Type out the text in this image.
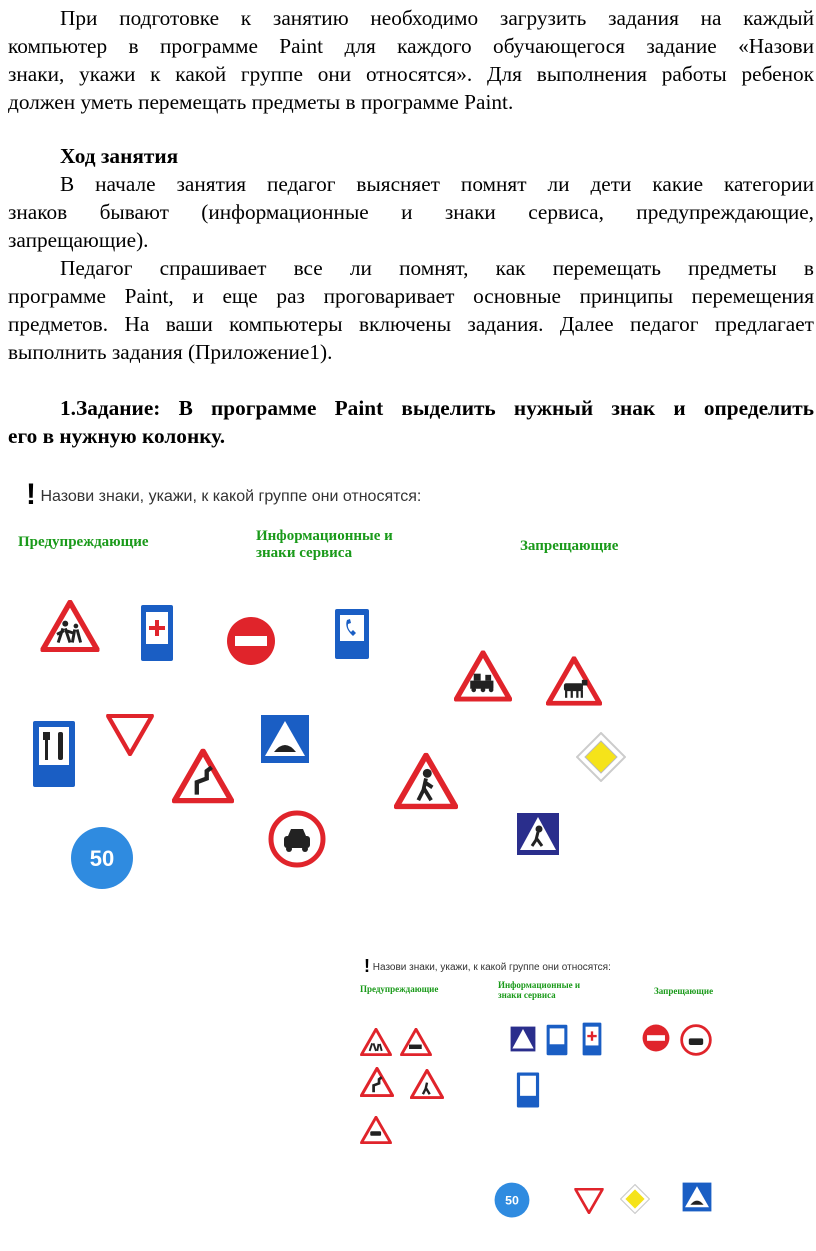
При подготовке к занятию необходимо загрузить задания на каждый
компьютер в программе Paint для каждого обучающегося задание «Назови
знаки, укажи к какой группе они относятся». Для выполнения работы ребенок
должен уметь перемещать предметы в программе Paint.
Ход занятия
В начале занятия педагог выясняет помнят ли дети какие категории
знаков бывают (информационные и знаки сервиса, предупреждающие,
запрещающие).
Педагог спрашивает все ли помнят, как перемещать предметы в
программе Paint, и еще раз проговаривает основные принципы перемещения
предметов. На ваши компьютеры включены задания. Далее педагог предлагает
выполнить задания (Приложение1).
1.Задание: В программе Paint выделить нужный знак и определить
его в нужную колонку.
! Назови знаки, укажи, к какой группе они относятся:
Предупреждающие	Информационные и
знаки сервиса	Запрещающие
50
! Назови знаки, укажи, к какой группе они относятся:
Предупреждающие	Информационные и
знаки сервиса	Запрещающие
50
